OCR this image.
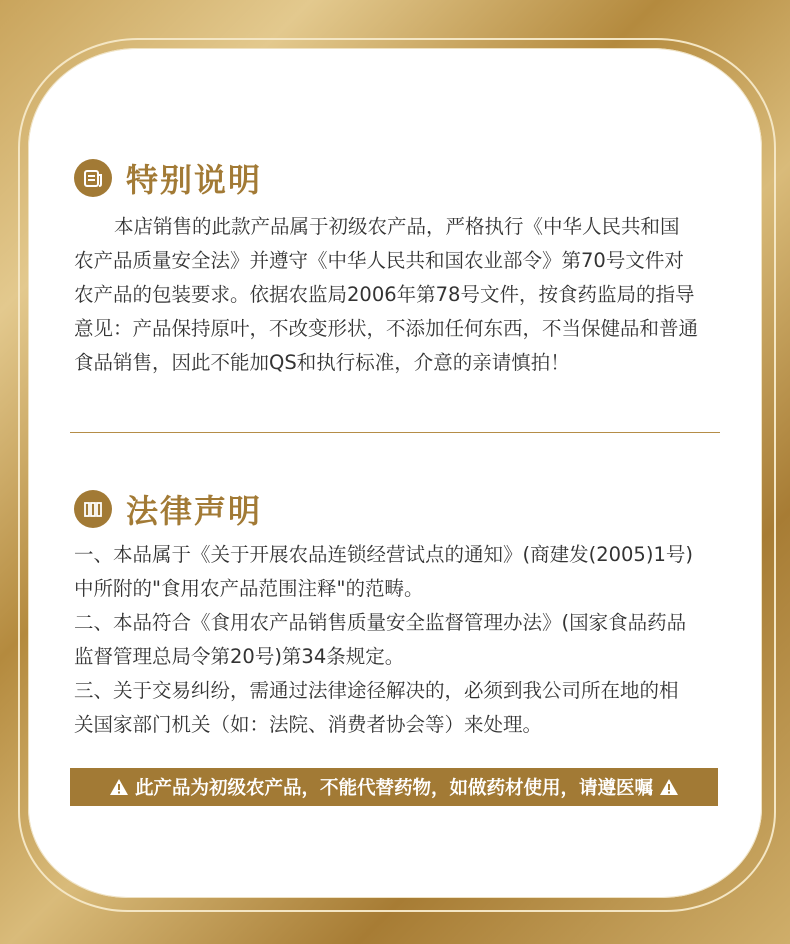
特别说明

本店销售的此款产品属于初级农产品，严格执行《中华人民共和国

农产品质量安全法》并遵守《中华人民共和国农业部令》第70号文件对

农产品的包装要求。依据农监局2006年第78号文件，按食药监局的指导

意见：产品保持原叶，不改变形状，不添加任何东西，不当保健品和普通

食品销售，因此不能加QS和执行标准，介意的亲请慎拍！

法律声明

一、本品属于《关于开展农品连锁经营试点的通知》(商建发(2005)1号)

中所附的"食用农产品范围注释"的范畴。

二、本品符合《食用农产品销售质量安全监督管理办法》(国家食品药品

监督管理总局令第20号)第34条规定。

三、关于交易纠纷，需通过法律途径解决的，必须到我公司所在地的相

关国家部门机关（如：法院、消费者协会等）来处理。

此产品为初级农产品，不能代替药物，如做药材使用，请遵医嘱
